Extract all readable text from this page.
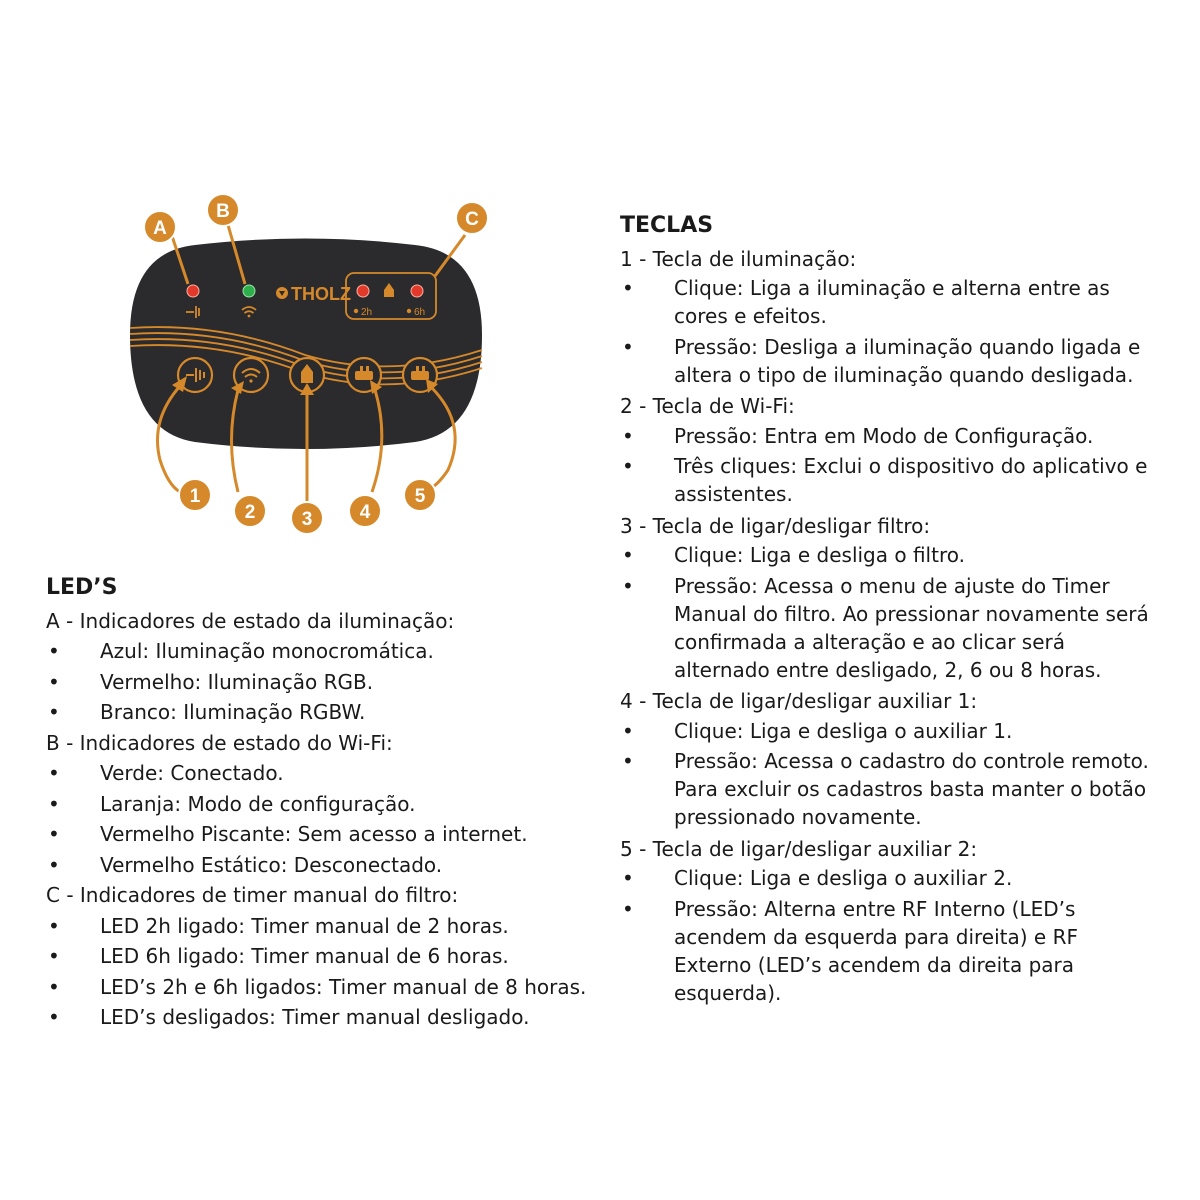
THOLZ
2h	6h
A
B	C
1
2 3 4
5
LED’S

A - Indicadores de estado da iluminação:

• Azul: Iluminação monocromática.
• Vermelho: Iluminação RGB.
• Branco: Iluminação RGBW.

B - Indicadores de estado do Wi-Fi:

• Verde: Conectado.
• Laranja: Modo de configuração.
• Vermelho Piscante: Sem acesso a internet.
• Vermelho Estático: Desconectado.

C - Indicadores de timer manual do filtro:

• LED 2h ligado: Timer manual de 2 horas.
• LED 6h ligado: Timer manual de 6 horas.
• LED’s 2h e 6h ligados: Timer manual de 8 horas.
• LED’s desligados: Timer manual desligado.
TECLAS

1 - Tecla de iluminação:

• Clique: Liga a iluminação e alterna entre as cores e efeitos.
• Pressão: Desliga a iluminação quando ligada e altera o tipo de iluminação quando desligada.

2 - Tecla de Wi-Fi:

• Pressão: Entra em Modo de Configuração.
• Três cliques: Exclui o dispositivo do aplicativo e assistentes.

3 - Tecla de ligar/desligar filtro:

• Clique: Liga e desliga o filtro.
• Pressão: Acessa o menu de ajuste do Timer Manual do filtro. Ao pressionar novamente será confirmada a alteração e ao clicar será alternado entre desligado, 2, 6 ou 8 horas.

4 - Tecla de ligar/desligar auxiliar 1:

• Clique: Liga e desliga o auxiliar 1.
• Pressão: Acessa o cadastro do controle remoto. Para excluir os cadastros basta manter o botão pressionado novamente.

5 - Tecla de ligar/desligar auxiliar 2:

• Clique: Liga e desliga o auxiliar 2.
• Pressão: Alterna entre RF Interno (LED’s acendem da esquerda para direita) e RF Externo (LED’s acendem da direita para esquerda).
